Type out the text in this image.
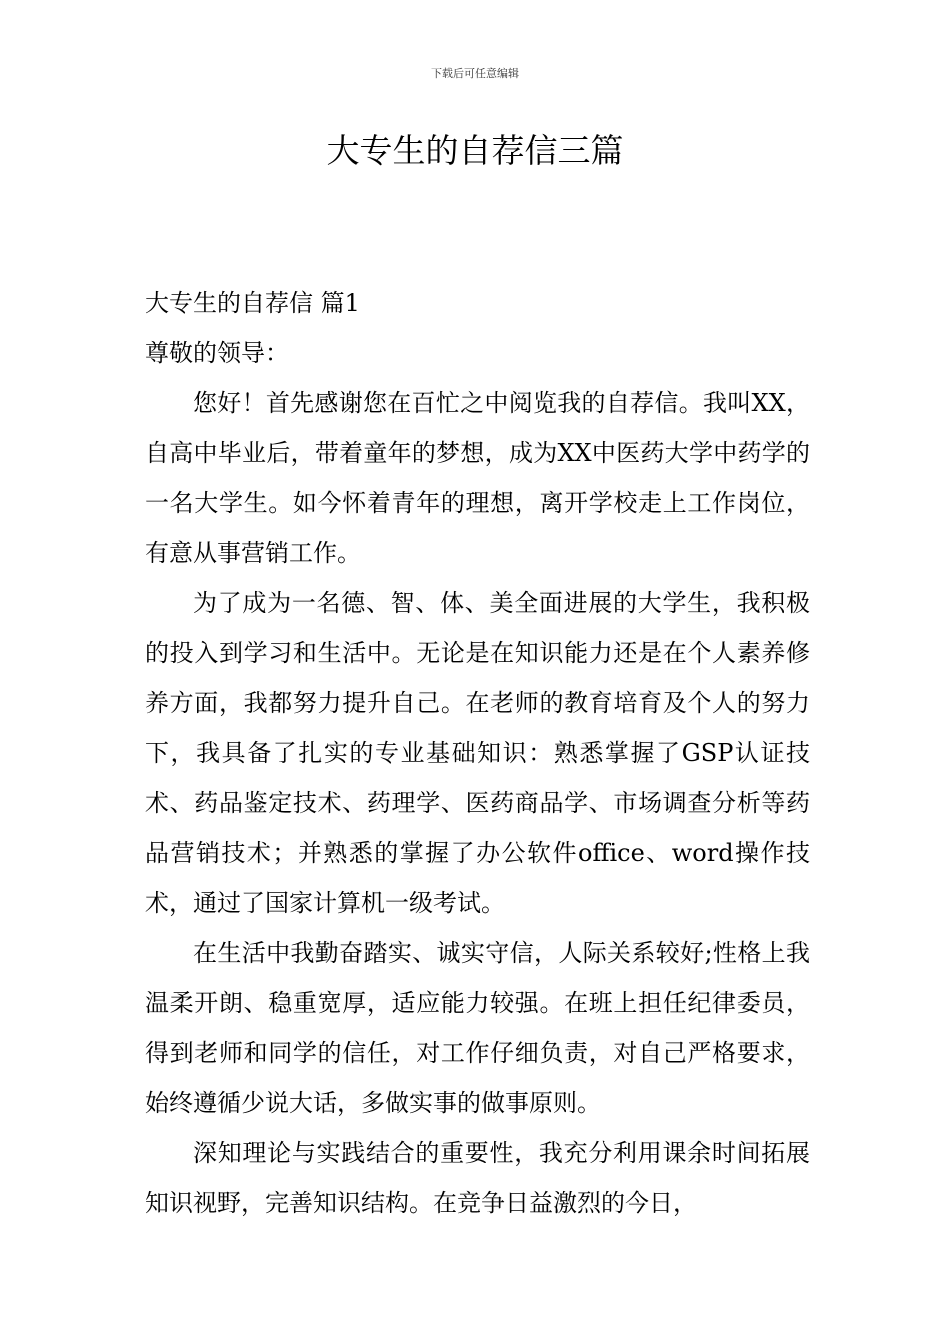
下载后可任意编辑
大专生的自荐信三篇

大专生的自荐信 篇1

尊敬的领导：

您好！首先感谢您在百忙之中阅览我的自荐信。我叫XX，自高中毕业后，带着童年的梦想，成为XX中医药大学中药学的一名大学生。如今怀着青年的理想，离开学校走上工作岗位，有意从事营销工作。

为了成为一名德、智、体、美全面进展的大学生，我积极的投入到学习和生活中。无论是在知识能力还是在个人素养修养方面，我都努力提升自己。在老师的教育培育及个人的努力下，我具备了扎实的专业基础知识：熟悉掌握了GSP认证技术、药品鉴定技术、药理学、医药商品学、市场调查分析等药品营销技术；并熟悉的掌握了办公软件office、word操作技术，通过了国家计算机一级考试。

在生活中我勤奋踏实、诚实守信，人际关系较好;性格上我温柔开朗、稳重宽厚，适应能力较强。在班上担任纪律委员，得到老师和同学的信任，对工作仔细负责，对自己严格要求，始终遵循少说大话，多做实事的做事原则。

深知理论与实践结合的重要性，我充分利用课余时间拓展知识视野，完善知识结构。在竞争日益激烈的今日，
